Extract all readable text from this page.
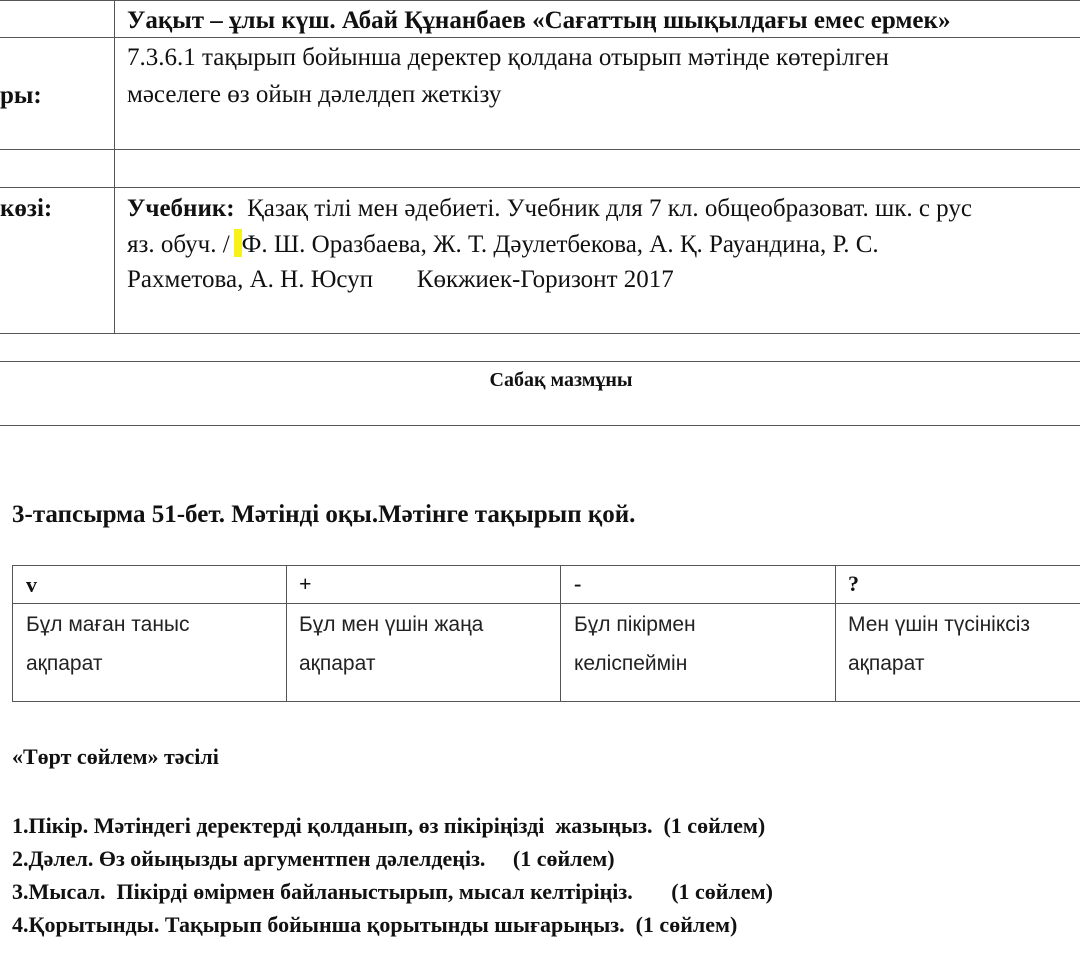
Уақыт – ұлы күш. Абай Құнанбаев «Сағаттың шықылдағы емес ермек»
ры:
7.3.6.1 тақырып бойынша деректер қолдана отырып мәтінде көтерілген
мәселеге өз ойын дәлелдеп жеткізу
көзі:	Учебник: Қазақ тілі мен әдебиеті. Учебник для 7 кл. общеобразоват. шк. с рус
яз. обуч. / Ф. Ш. Оразбаева, Ж. Т. Дәулетбекова, А. Қ. Рауандина, Р. С.
Рахметова, А. Н. Юсуп       Көкжиек-Горизонт 2017
Сабақ мазмұны
3-тапсырма 51-бет. Мәтінді оқы.Мәтінге тақырып қой.
v
Бұл маған таныс
ақпарат
+
Бұл мен үшін жаңа
ақпарат
-
Бұл пікірмен
келіспеймін
?
Мен үшін түсініксіз
ақпарат
«Төрт сөйлем» тәсілі
1.Пікір. Мәтіндегі деректерді қолданып, өз пікіріңізді  жазыңыз.  (1 сөйлем)
2.Дәлел. Өз ойыңызды аргументпен дәлелдеңіз.     (1 сөйлем)
3.Мысал.  Пікірді өмірмен байланыстырып, мысал келтіріңіз.       (1 сөйлем)
4.Қорытынды. Тақырып бойынша қорытынды шығарыңыз.  (1 сөйлем)
